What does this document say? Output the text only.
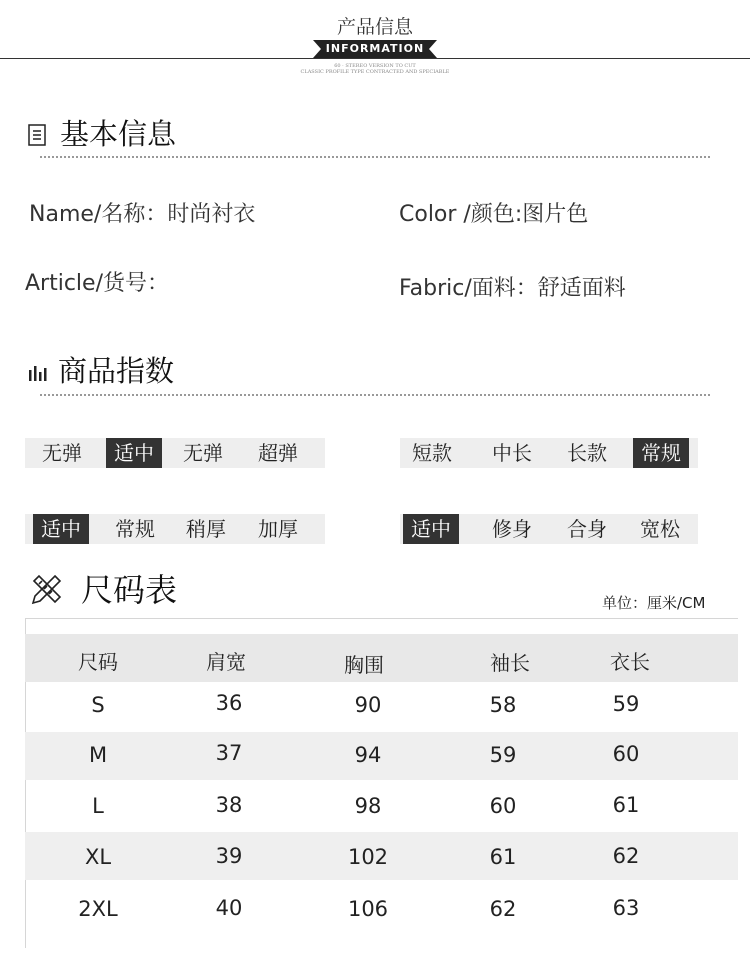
产品信息
INFORMATION
60 · STEREO VERSION TO CUT
CLASSIC PROFILE TYPE CONTRACTED AND SPECIABLE
基本信息
Name/名称：时尚衬衣	Color /颜色:图片色
Article/货号：	Fabric/面料：舒适面料
商品指数
无弹	适中	无弹	超弹	短款	中长	长款	常规
适中	常规	稍厚	加厚	适中	修身	合身	宽松
尺码表	单位：厘米/CM
尺码	肩宽	胸围	袖长	衣长
S	36	90	58	59
M	37	94	59	60
L	38	98	60	61
XL	39	102	61	62
2XL	40	106	62	63
